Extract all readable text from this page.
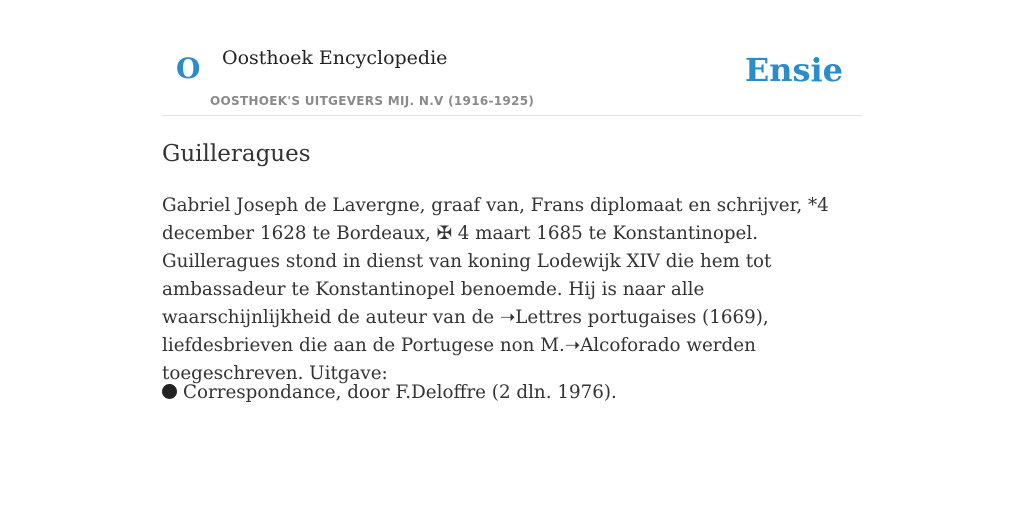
O Oosthoek Encyclopedie
OOSTHOEK'S UITGEVERS MIJ. N.V (1916-1925)
Ensie
Guilleragues

Gabriel Joseph de Lavergne, graaf van, Frans diplomaat en schrijver, *4 december 1628 te Bordeaux, ✠ 4 maart 1685 te Konstantinopel. Guilleragues stond in dienst van koning Lodewijk XIV die hem tot ambassadeur te Konstantinopel benoemde. Hij is naar alle waarschijnlijkheid de auteur van de ➝Lettres portugaises (1669), liefdesbrieven die aan de Portugese non M.➝Alcoforado werden toegeschreven. Uitgave:

Correspondance, door F.Deloffre (2 dln. 1976).
